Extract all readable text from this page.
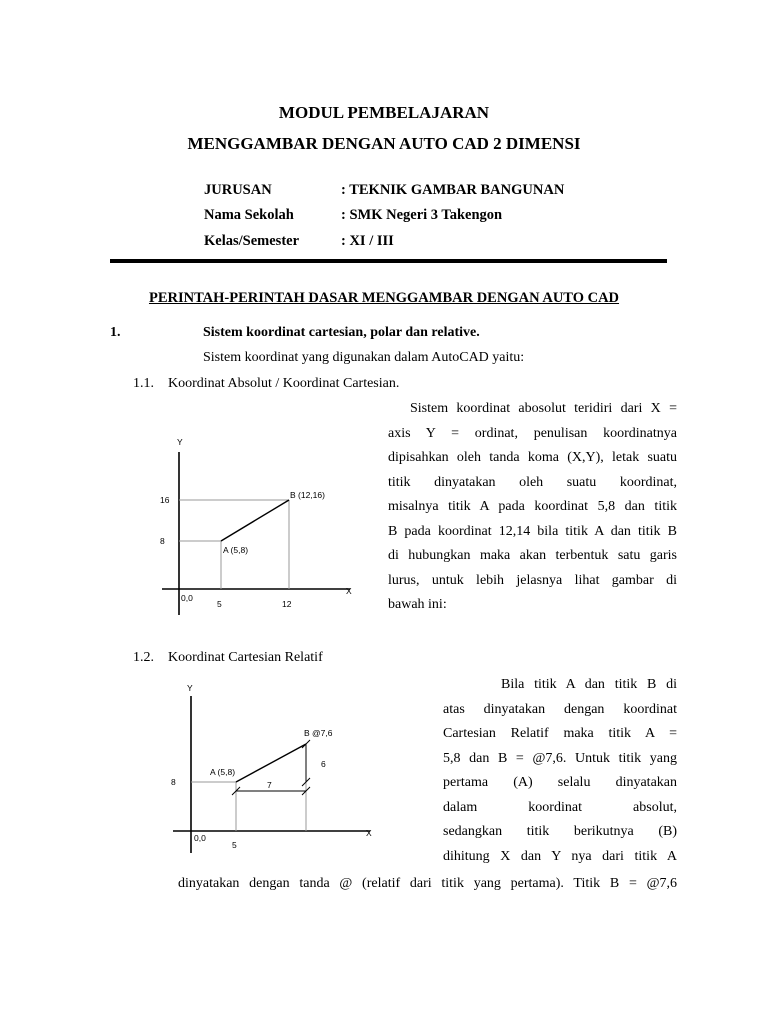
MODUL PEMBELAJARAN
MENGGAMBAR DENGAN AUTO CAD 2 DIMENSI
JURUSAN	: TEKNIK GAMBAR BANGUNAN
Nama Sekolah	: SMK Negeri 3 Takengon
Kelas/Semester	: XI / III
PERINTAH-PERINTAH DASAR MENGGAMBAR DENGAN AUTO CAD
1.	Sistem koordinat cartesian, polar dan relative.
Sistem koordinat yang digunakan dalam AutoCAD yaitu:
1.1. Koordinat Absolut / Koordinat Cartesian.
Sistem koordinat abosolut teridiri dari X =
axis Y = ordinat, penulisan koordinatnya
dipisahkan oleh tanda koma (X,Y), letak suatu
titik dinyatakan oleh suatu koordinat,
misalnya titik A pada koordinat 5,8 dan titik
B pada koordinat 12,14 bila titik A dan titik B
di hubungkan maka akan terbentuk satu garis
lurus, untuk lebih jelasnya lihat gambar di
bawah ini:
Y
X
0,0
5	12
8
16
A (5,8)
B (12,16)
1.2. Koordinat Cartesian Relatif
Bila titik A dan titik B di
atas dinyatakan dengan koordinat
Cartesian Relatif maka titik A =
5,8 dan B = @7,6. Untuk titik yang
pertama (A) selalu dinyatakan
dalam koordinat absolut,
sedangkan titik berikutnya (B)
dihitung X dan Y nya dari titik A
dinyatakan dengan tanda @ (relatif dari titik yang pertama). Titik B = @7,6
Y
X
0,0
5
8
A (5,8)
B @7,6
7
6
